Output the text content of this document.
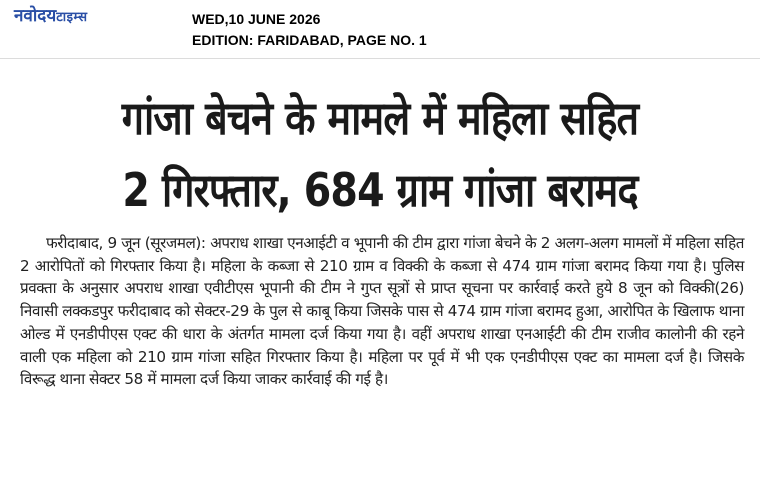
नवोदयटाइम्स	WED,10 JUNE 2026
EDITION: FARIDABAD, PAGE NO. 1
गांजा बेचने के मामले में महिला सहित
2 गिरफ्तार, 684 ग्राम गांजा बरामद
फरीदाबाद, 9 जून (सूरजमल): अपराध शाखा एनआईटी व भूपानी की टीम द्वारा गांजा बेचने के 2 अलग-अलग मामलों में महिला सहित 2 आरोपितों को गिरफ्तार किया है। महिला के कब्जा से 210 ग्राम व विक्की के कब्जा से 474 ग्राम गांजा बरामद किया गया है। पुलिस प्रवक्ता के अनुसार अपराध शाखा एवीटीएस भूपानी की टीम ने गुप्त सूत्रों से प्राप्त सूचना पर कार्रवाई करते हुये 8 जून को विक्की(26) निवासी लक्कडपुर फरीदाबाद को सेक्टर-29 के पुल से काबू किया जिसके पास से 474 ग्राम गांजा बरामद हुआ, आरोपित के खिलाफ थाना ओल्ड में एनडीपीएस एक्ट की धारा के अंतर्गत मामला दर्ज किया गया है। वहीं अपराध शाखा एनआईटी की टीम राजीव कालोनी की रहने वाली एक महिला को 210 ग्राम गांजा सहित गिरफ्तार किया है। महिला पर पूर्व में भी एक एनडीपीएस एक्ट का मामला दर्ज है। जिसके विरूद्ध थाना सेक्टर 58 में मामला दर्ज किया जाकर कार्रवाई की गई है।
